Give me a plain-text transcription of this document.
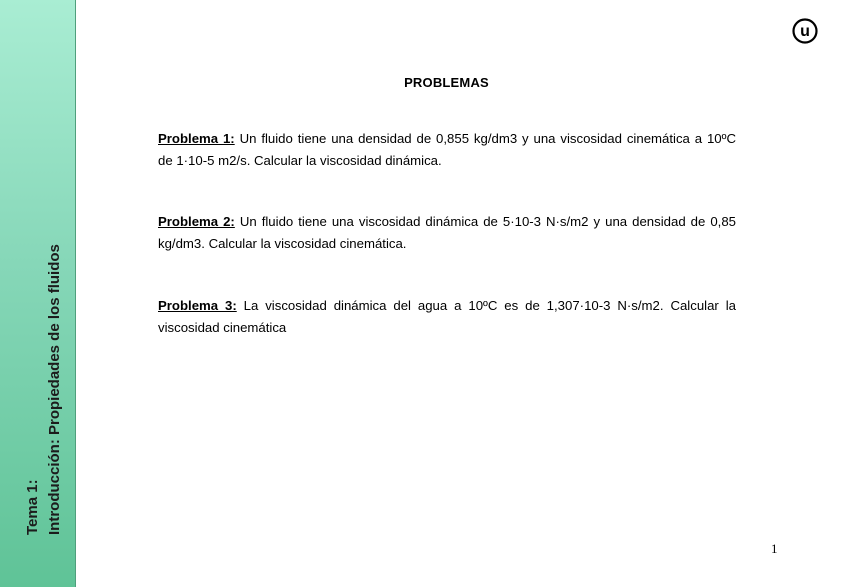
Tema 1: Introducción: Propiedades de los fluidos
u
PROBLEMAS
Problema 1: Un fluido tiene una densidad de 0,855 kg/dm3 y una viscosidad cinemática a 10ºC de 1·10-5 m2/s. Calcular la viscosidad dinámica.
Problema 2: Un fluido tiene una viscosidad dinámica de 5·10-3 N·s/m2 y una densidad de 0,85 kg/dm3. Calcular la viscosidad cinemática.
Problema 3: La viscosidad dinámica del agua a 10ºC es de 1,307·10-3 N·s/m2. Calcular la viscosidad cinemática
1
